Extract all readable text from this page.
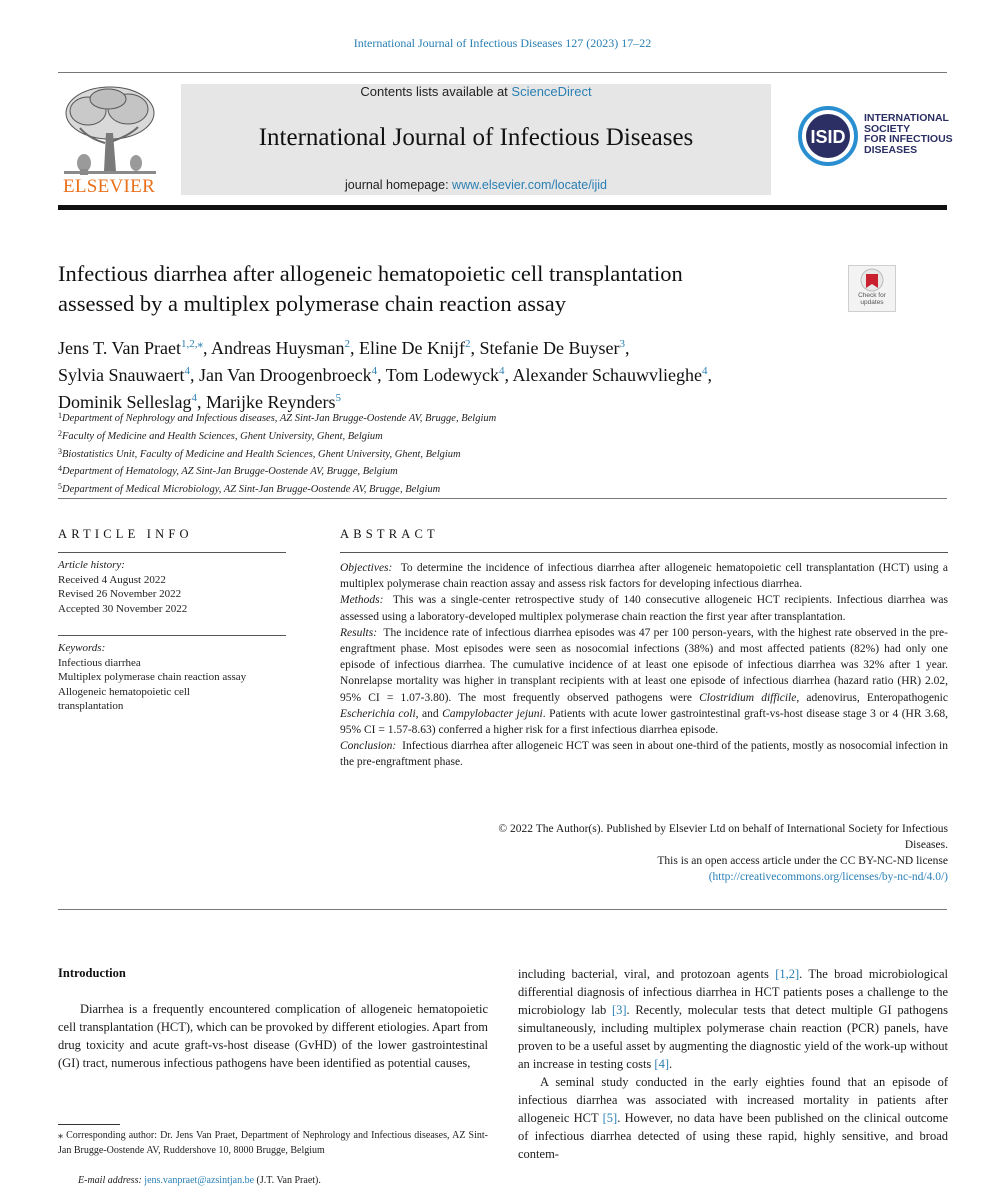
International Journal of Infectious Diseases 127 (2023) 17–22
ELSEVIER
Contents lists available at ScienceDirect
International Journal of Infectious Diseases
journal homepage: www.elsevier.com/locate/ijid
ISID
INTERNATIONAL
SOCIETY
FOR INFECTIOUS
DISEASES
Infectious diarrhea after allogeneic hematopoietic cell transplantation
assessed by a multiplex polymerase chain reaction assay	Check for
updates
Jens T. Van Praet$^{1,2,⁎}$, Andreas Huysman$^2$, Eline De Knijf$^2$, Stefanie De Buyser$^3$,
Sylvia Snauwaert$^4$, Jan Van Droogenbroeck$^4$, Tom Lodewyck$^4$, Alexander Schauwvlieghe$^4$,
Dominik Selleslag$^4$, Marijke Reynders$^5$
$^1$Department of Nephrology and Infectious diseases, AZ Sint-Jan Brugge-Oostende AV, Brugge, Belgium
$^2$Faculty of Medicine and Health Sciences, Ghent University, Ghent, Belgium
$^3$Biostatistics Unit, Faculty of Medicine and Health Sciences, Ghent University, Ghent, Belgium
$^4$Department of Hematology, AZ Sint-Jan Brugge-Oostende AV, Brugge, Belgium
$^5$Department of Medical Microbiology, AZ Sint-Jan Brugge-Oostende AV, Brugge, Belgium
ARTICLE INFO
Article history:
Received 4 August 2022
Revised 26 November 2022
Accepted 30 November 2022
Keywords:
Infectious diarrhea
Multiplex polymerase chain reaction assay
Allogeneic hematopoietic cell
transplantation
ABSTRACT

Objectives: To determine the incidence of infectious diarrhea after allogeneic hematopoietic cell transplantation (HCT) using a multiplex polymerase chain reaction assay and assess risk factors for developing infectious diarrhea.

Methods: This was a single-center retrospective study of 140 consecutive allogeneic HCT recipients. Infectious diarrhea was assessed using a laboratory-developed multiplex polymerase chain reaction the first year after transplantation.

Results: The incidence rate of infectious diarrhea episodes was 47 per 100 person-years, with the highest rate observed in the pre-engraftment phase. Most episodes were seen as nosocomial infections (38%) and most affected patients (82%) had only one episode of infectious diarrhea. The cumulative incidence of at least one episode of infectious diarrhea was 32% after 1 year. Nonrelapse mortality was higher in transplant recipients with at least one episode of infectious diarrhea (hazard ratio (HR) 2.02, 95% CI = 1.07-3.80). The most frequently observed pathogens were Clostridium difficile, adenovirus, Enteropathogenic Escherichia coli, and Campylobacter jejuni. Patients with acute lower gastrointestinal graft-vs-host disease stage 3 or 4 (HR 3.68, 95% CI = 1.57-8.63) conferred a higher risk for a first infectious diarrhea episode.

Conclusion: Infectious diarrhea after allogeneic HCT was seen in about one-third of the patients, mostly as nosocomial infection in the pre-engraftment phase.

© 2022 The Author(s). Published by Elsevier Ltd on behalf of International Society for Infectious
Diseases.
This is an open access article under the CC BY-NC-ND license
(http://creativecommons.org/licenses/by-nc-nd/4.0/)
Introduction

Diarrhea is a frequently encountered complication of allogeneic hematopoietic cell transplantation (HCT), which can be provoked by different etiologies. Apart from drug toxicity and acute graft-vs-host disease (GvHD) of the lower gastrointestinal (GI) tract, numerous infectious pathogens have been identified as potential causes,

including bacterial, viral, and protozoan agents [1,2]. The broad microbiological differential diagnosis of infectious diarrhea in HCT patients poses a challenge to the microbiology lab [3]. Recently, molecular tests that detect multiple GI pathogens simultaneously, including multiplex polymerase chain reaction (PCR) panels, have proven to be a useful asset by augmenting the diagnostic yield of the work-up without an increase in testing costs [4].

A seminal study conducted in the early eighties found that an episode of infectious diarrhea was associated with increased mortality in patients after allogeneic HCT [5]. However, no data have been published on the clinical outcome of infectious diarrhea detected of using these rapid, highly sensitive, and broad contem-

⁎ Corresponding author: Dr. Jens Van Praet, Department of Nephrology and Infectious diseases, AZ Sint-Jan Brugge-Oostende AV, Ruddershove 10, 8000 Brugge, Belgium
E-mail address: jens.vanpraet@azsintjan.be (J.T. Van Praet).
